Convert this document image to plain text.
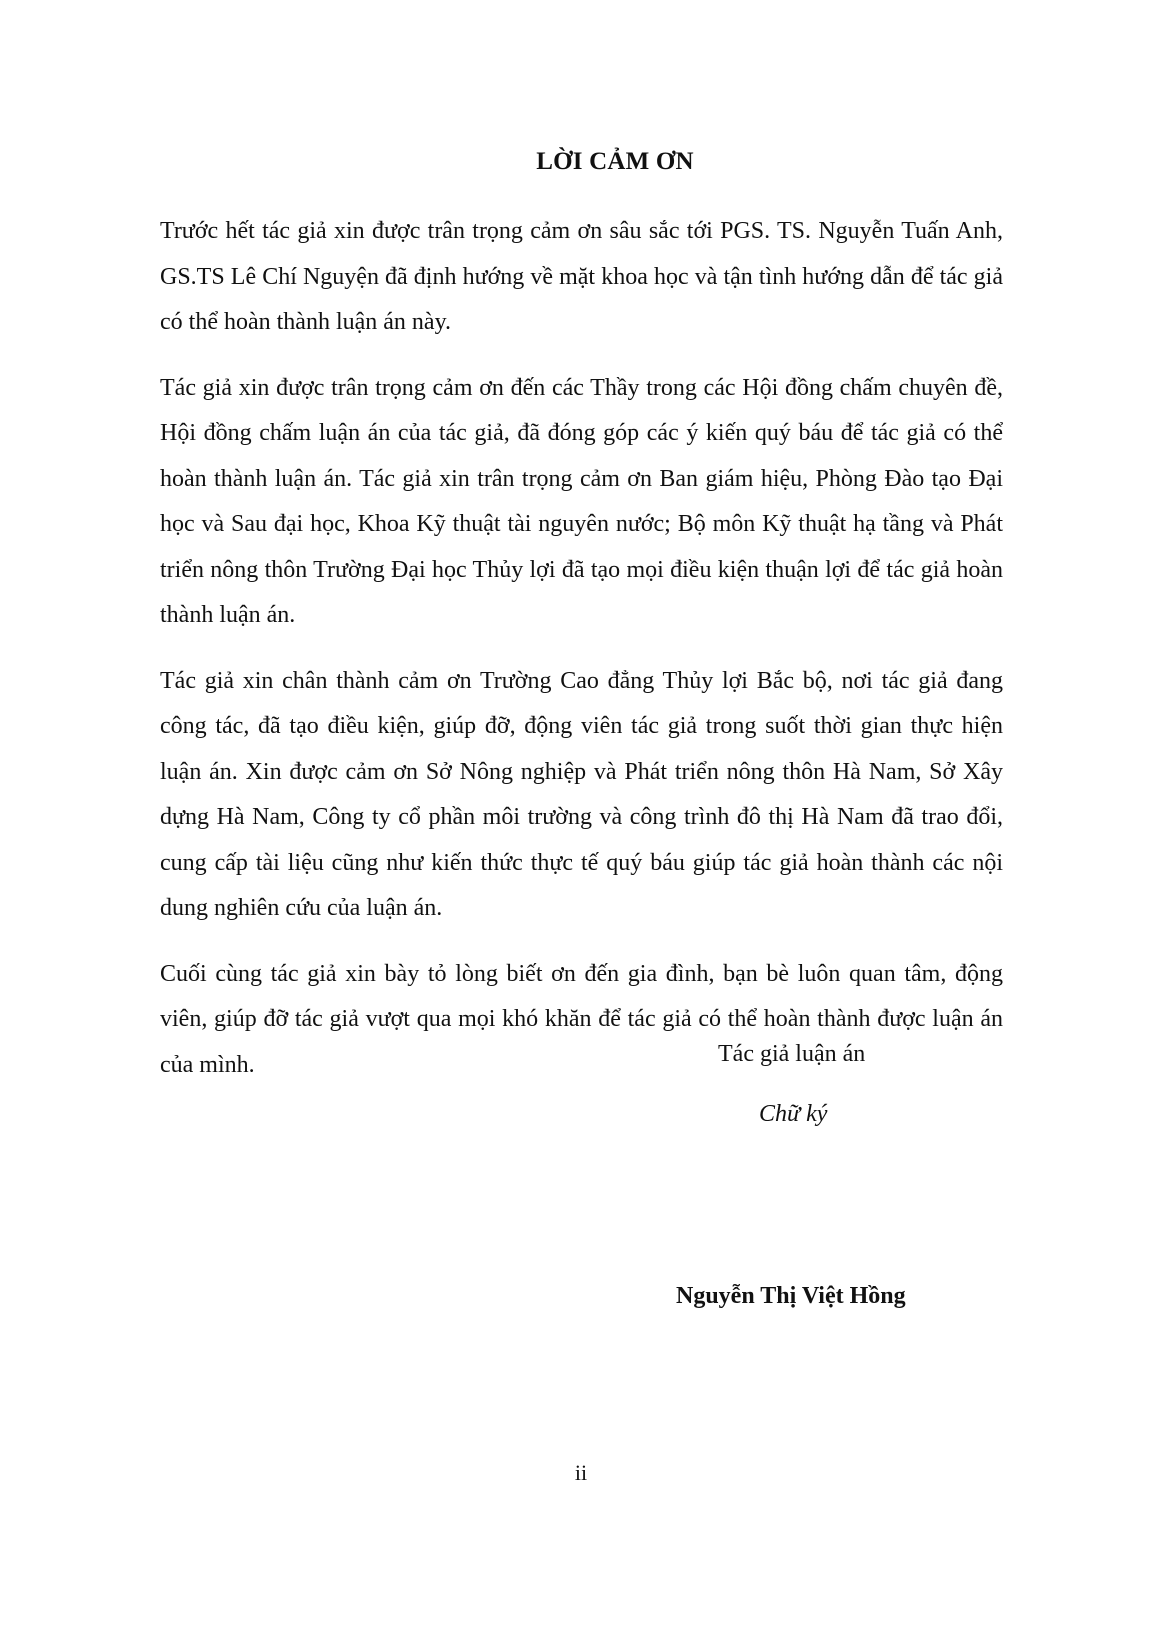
LỜI CẢM ƠN

Trước hết tác giả xin được trân trọng cảm ơn sâu sắc tới PGS. TS. Nguyễn Tuấn Anh, GS.TS Lê Chí Nguyện đã định hướng về mặt khoa học và tận tình hướng dẫn để tác giả có thể hoàn thành luận án này.

Tác giả xin được trân trọng cảm ơn đến các Thầy trong các Hội đồng chấm chuyên đề, Hội đồng chấm luận án của tác giả, đã đóng góp các ý kiến quý báu để tác giả có thể hoàn thành luận án. Tác giả xin trân trọng cảm ơn Ban giám hiệu, Phòng Đào tạo Đại học và Sau đại học, Khoa Kỹ thuật tài nguyên nước; Bộ môn Kỹ thuật hạ tầng và Phát triển nông thôn Trường Đại học Thủy lợi đã tạo mọi điều kiện thuận lợi để tác giả hoàn thành luận án.

Tác giả xin chân thành cảm ơn Trường Cao đẳng Thủy lợi Bắc bộ, nơi tác giả đang công tác, đã tạo điều kiện, giúp đỡ, động viên tác giả trong suốt thời gian thực hiện luận án. Xin được cảm ơn Sở Nông nghiệp và Phát triển nông thôn Hà Nam, Sở Xây dựng Hà Nam, Công ty cổ phần môi trường và công trình đô thị Hà Nam đã trao đổi, cung cấp tài liệu cũng như kiến thức thực tế quý báu giúp tác giả hoàn thành các nội dung nghiên cứu của luận án.

Cuối cùng tác giả xin bày tỏ lòng biết ơn đến gia đình, bạn bè luôn quan tâm, động viên, giúp đỡ tác giả vượt qua mọi khó khăn để tác giả có thể hoàn thành được luận án của mình.	Tác giả luận án
Chữ ký
Nguyễn Thị Việt Hồng
ii
